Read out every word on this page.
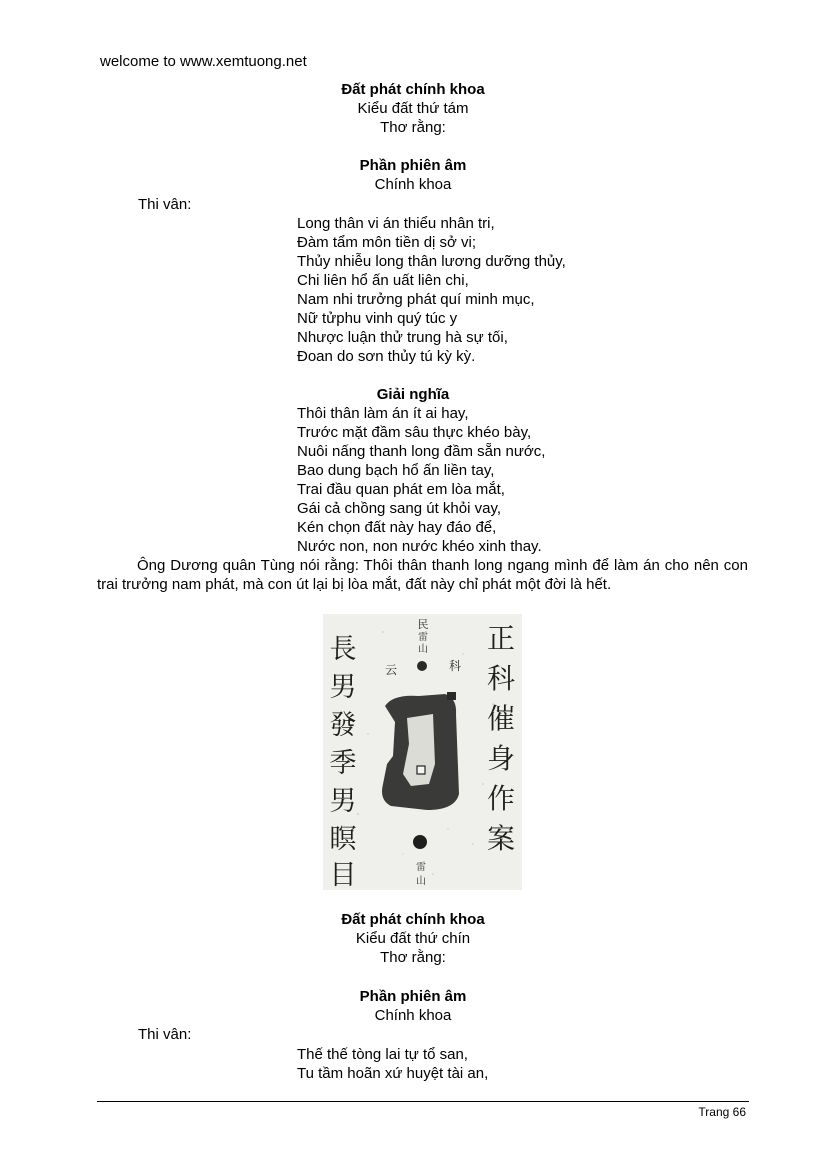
welcome to www.xemtuong.net
Đất phát chính khoa
Kiểu đất thứ tám
Thơ rằng:
Phần phiên âm
Chính khoa
Thi vân:
Long thân vi án thiểu nhân tri,
Đàm tẩm môn tiền dị sở vi;
Thủy nhiễu long thân lương dưỡng thủy,
Chi liên hổ ấn uất liên chi,
Nam nhi trưởng phát quí minh mục,
Nữ tửphu vinh quý túc y
Nhược luận thử trung hà sự tối,
Đoan do sơn thủy tú kỳ kỳ.
Giải nghĩa
Thôi thân làm án ít ai hay,
Trước mặt đầm sâu thực khéo bày,
Nuôi nấng thanh long đầm sẵn nước,
Bao dung bạch hổ ấn liền tay,
Trai đầu quan phát em lòa mắt,
Gái cả chồng sang út khỏi vay,
Kén chọn đất này hay đáo để,
Nước non, non nước khéo xinh thay.
Ông Dương quân Tùng nói rằng: Thôi thân thanh long ngang mình để làm án cho nên con trai trưởng nam phát, mà con út lại bị lòa mắt, đất này chỉ phát một đời là hết.
正
科
催
身
作
案
長
男
發
季
男
瞑
目
民
雷
山
云	科
雷
山
Đất phát chính khoa
Kiểu đất thứ chín
Thơ rằng:
Phần phiên âm
Chính khoa
Thi vân:
Thế thế tòng lai tự tổ san,
Tu tầm hoãn xứ huyệt tài an,
Trang 66
